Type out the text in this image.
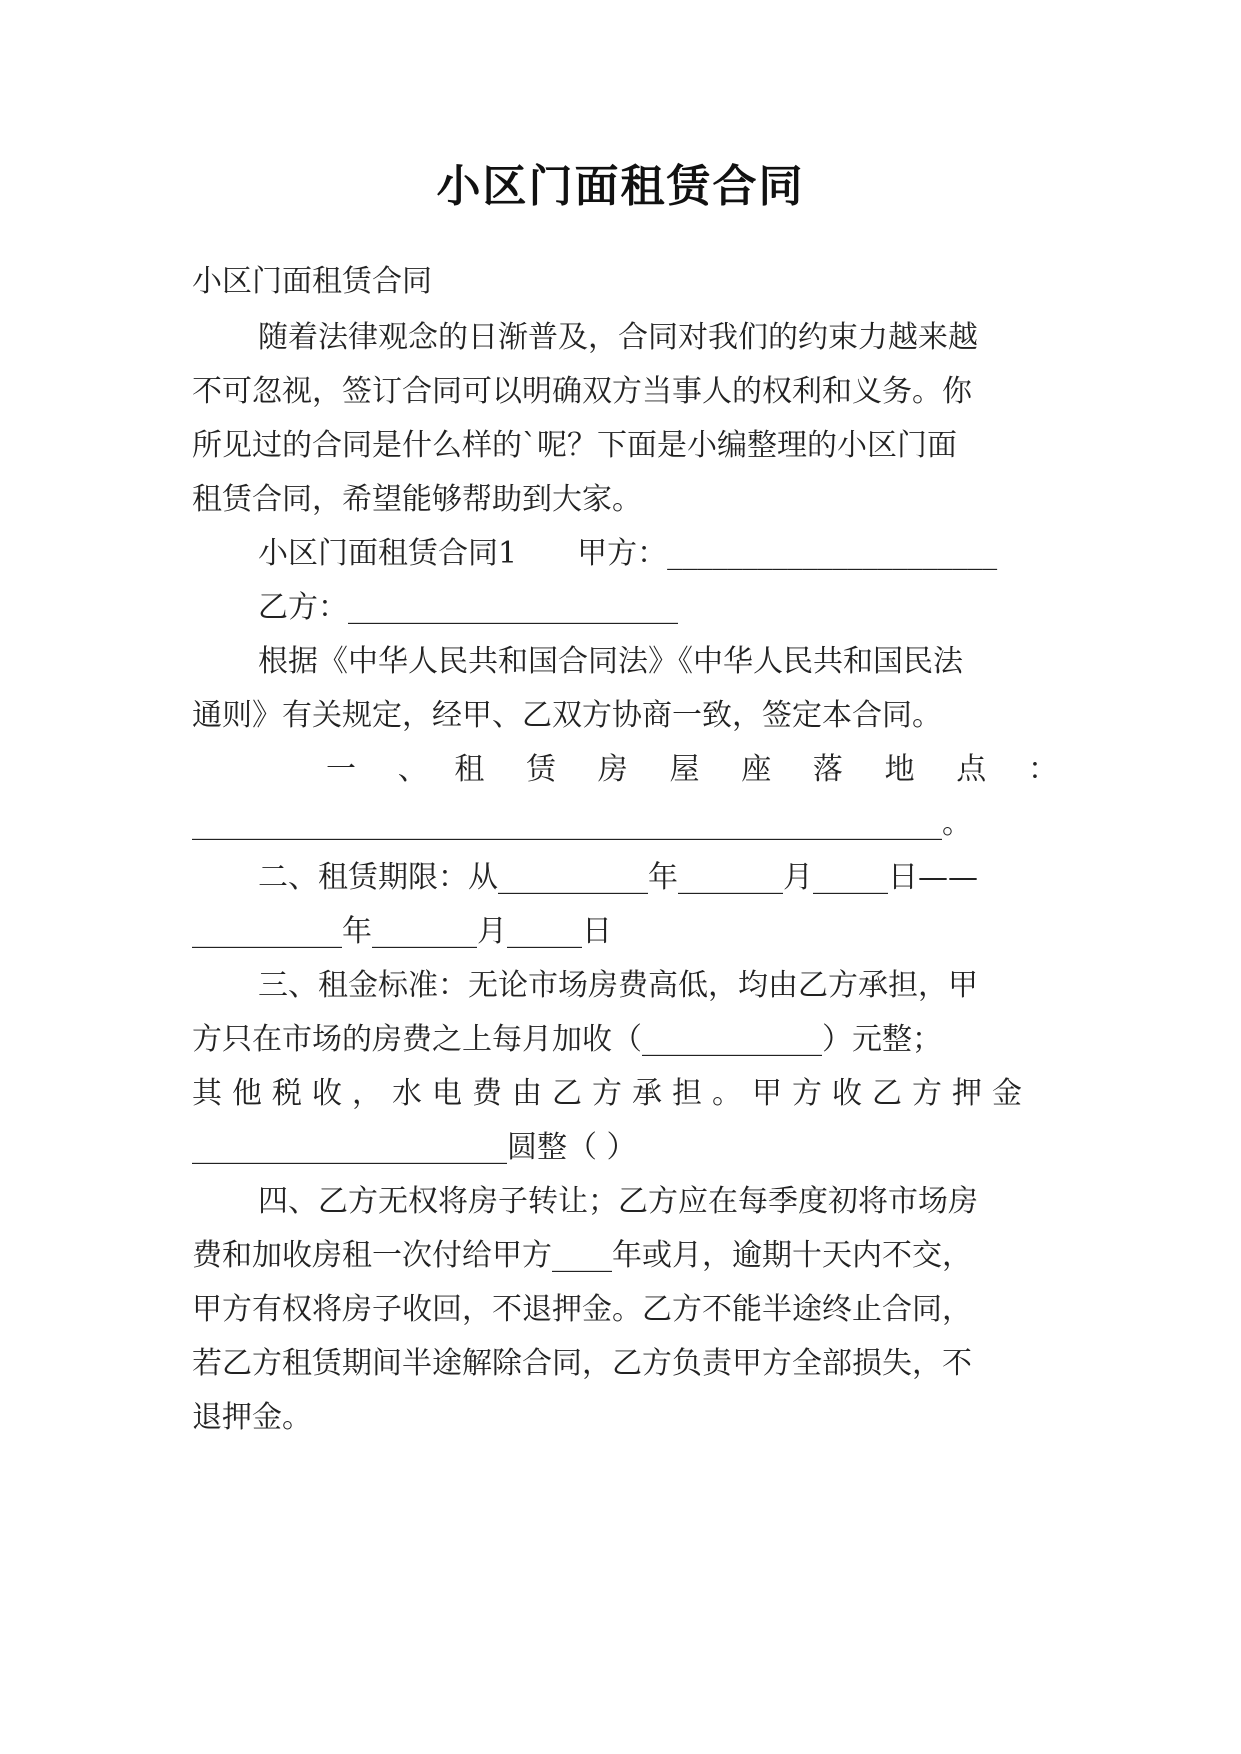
小区门面租赁合同
小区门面租赁合同
随着法律观念的日渐普及，合同对我们的约束力越来越
不可忽视，签订合同可以明确双方当事人的权利和义务。你
所见过的合同是什么样的`呢？下面是小编整理的小区门面
租赁合同，希望能够帮助到大家。
小区门面租赁合同1　　甲方：______________________
乙方：______________________
根据《中华人民共和国合同法》《中华人民共和国民法
通则》有关规定，经甲、乙双方协商一致，签定本合同。
一　、　租　赁　房　屋　座　落　地　点　：
__________________________________________________。
二、租赁期限：从__________年_______月_____日——
__________年_______月_____日
三、租金标准：无论市场房费高低，均由乙方承担，甲
方只在市场的房费之上每月加收（____________）元整；
其他税收，水电费由乙方承担。甲方收乙方押金
_____________________圆整（ ）
四、乙方无权将房子转让；乙方应在每季度初将市场房
费和加收房租一次付给甲方____年或月，逾期十天内不交，
甲方有权将房子收回，不退押金。乙方不能半途终止合同，
若乙方租赁期间半途解除合同，乙方负责甲方全部损失，不
退押金。
